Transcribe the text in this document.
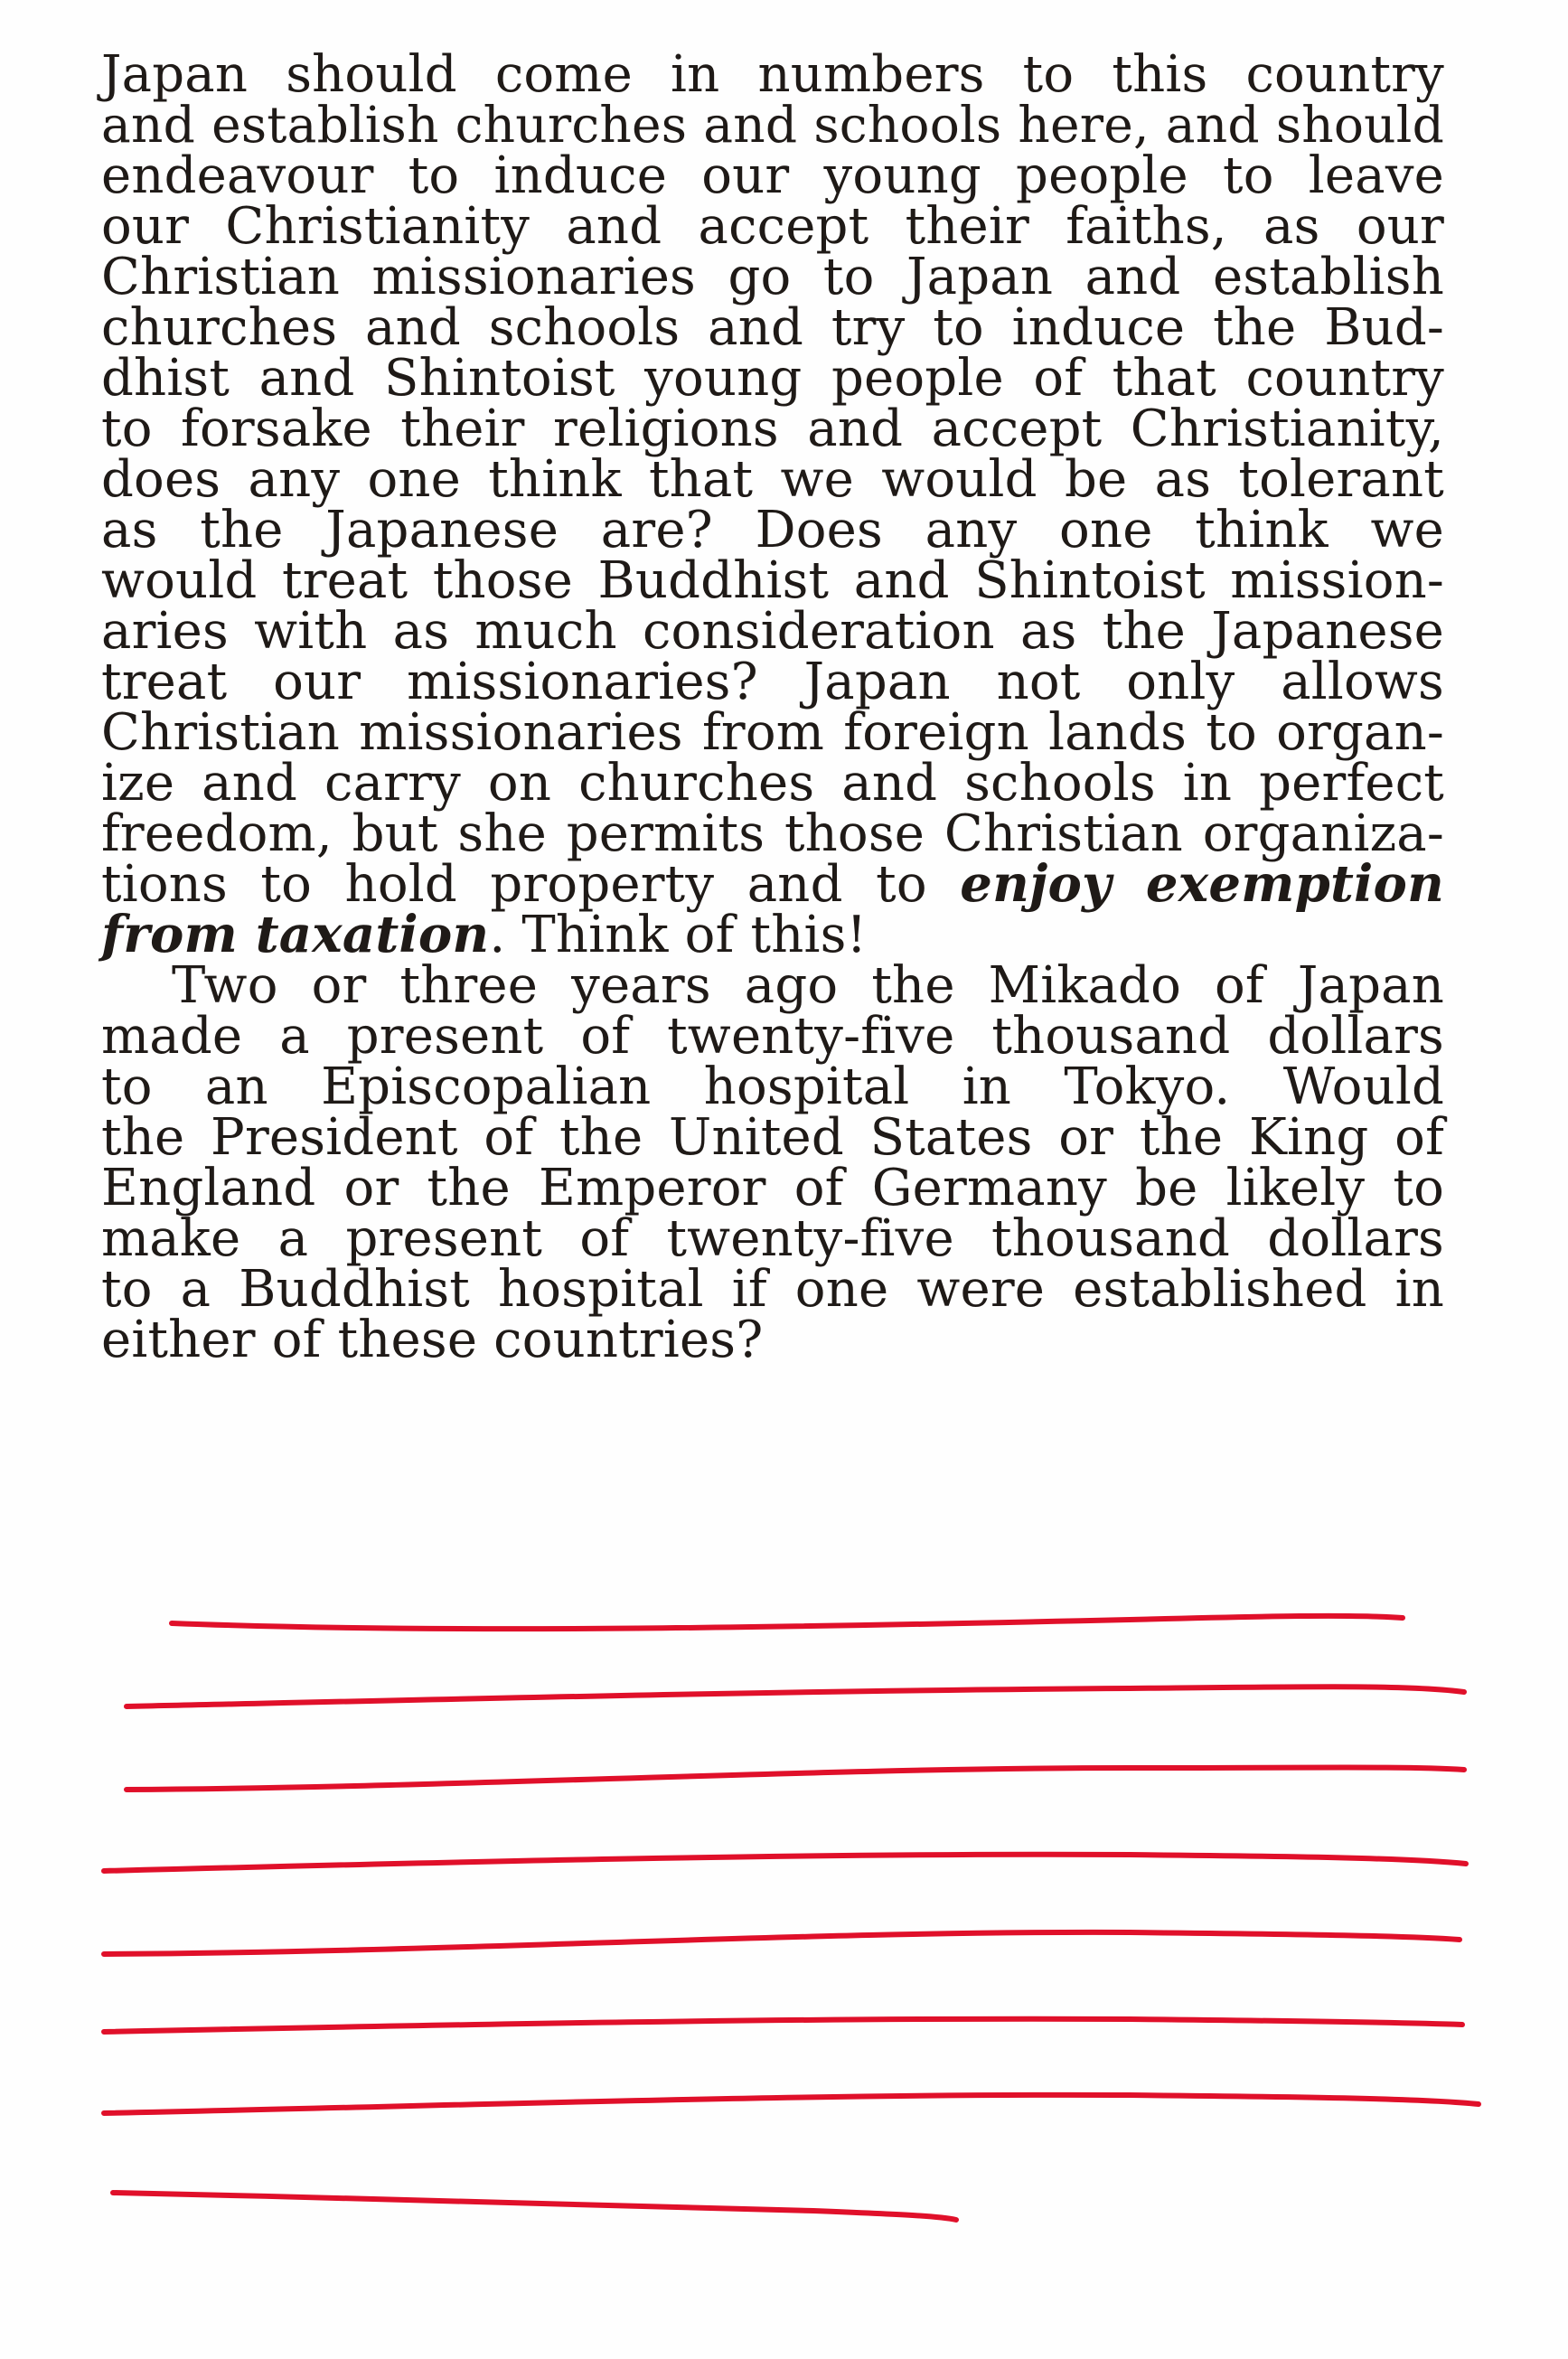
Japan should come in numbers to this country
and establish churches and schools here, and should
endeavour to induce our young people to leave
our Christianity and accept their faiths, as our
Christian missionaries go to Japan and establish
churches and schools and try to induce the Bud-
dhist and Shintoist young people of that country
to forsake their religions and accept Christianity,
does any one think that we would be as tolerant
as the Japanese are? Does any one think we
would treat those Buddhist and Shintoist mission-
aries with as much consideration as the Japanese
treat our missionaries? Japan not only allows
Christian missionaries from foreign lands to organ-
ize and carry on churches and schools in perfect
freedom, but she permits those Christian organiza-
tions to hold property and to enjoy exemption
from taxation. Think of this!
Two or three years ago the Mikado of Japan
made a present of twenty-five thousand dollars
to an Episcopalian hospital in Tokyo. Would
the President of the United States or the King of
England or the Emperor of Germany be likely to
make a present of twenty-five thousand dollars
to a Buddhist hospital if one were established in
either of these countries?
